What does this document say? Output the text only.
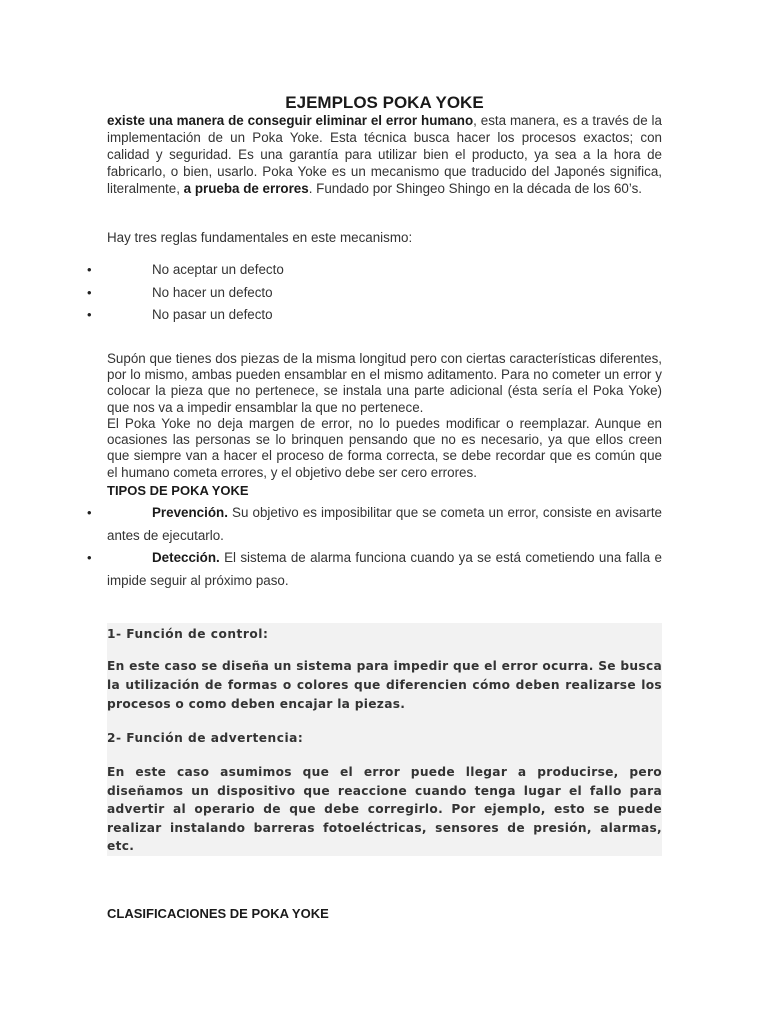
EJEMPLOS POKA YOKE
existe una manera de conseguir eliminar el error humano, esta manera, es a través de la implementación de un Poka Yoke. Esta técnica busca hacer los procesos exactos; con calidad y seguridad. Es una garantía para utilizar bien el producto, ya sea a la hora de fabricarlo, o bien, usarlo. Poka Yoke es un mecanismo que traducido del Japonés significa, literalmente, a prueba de errores. Fundado por Shingeo Shingo en la década de los 60’s.
Hay tres reglas fundamentales en este mecanismo:
•	No aceptar un defecto
•	No hacer un defecto
•	No pasar un defecto
Supón que tienes dos piezas de la misma longitud pero con ciertas características diferentes, por lo mismo, ambas pueden ensamblar en el mismo aditamento. Para no cometer un error y colocar la pieza que no pertenece, se instala una parte adicional (ésta sería el Poka Yoke) que nos va a impedir ensamblar la que no pertenece.
El Poka Yoke no deja margen de error, no lo puedes modificar o reemplazar. Aunque en ocasiones las personas se lo brinquen pensando que no es necesario, ya que ellos creen que siempre van a hacer el proceso de forma correcta, se debe recordar que es común que el humano cometa errores, y el objetivo debe ser cero errores.
TIPOS DE POKA YOKE
•	Prevención. Su objetivo es imposibilitar que se cometa un error, consiste en avisarte antes de ejecutarlo.
•	Detección. El sistema de alarma funciona cuando ya se está cometiendo una falla e impide seguir al próximo paso.
1- Función de control:
En este caso se diseña un sistema para impedir que el error ocurra. Se busca la utilización de formas o colores que diferencien cómo deben realizarse los procesos o como deben encajar la piezas.
2- Función de advertencia:
En este caso asumimos que el error puede llegar a producirse, pero diseñamos un dispositivo que reaccione cuando tenga lugar el fallo para advertir al operario de que debe corregirlo. Por ejemplo, esto se puede realizar instalando barreras fotoeléctricas, sensores de presión, alarmas, etc.
CLASIFICACIONES DE POKA YOKE
